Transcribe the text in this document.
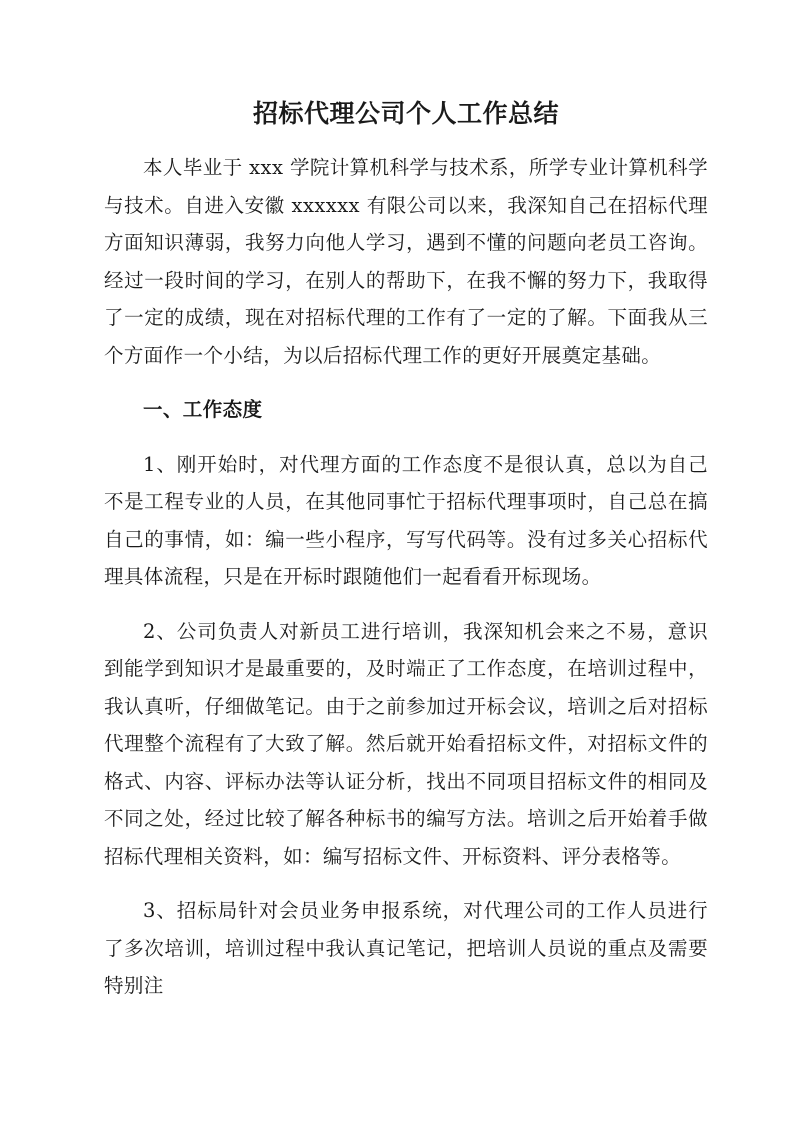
招标代理公司个人工作总结

本人毕业于 xxx 学院计算机科学与技术系，所学专业计算机科学与技术。自进入安徽 xxxxxx 有限公司以来，我深知自己在招标代理方面知识薄弱，我努力向他人学习，遇到不懂的问题向老员工咨询。经过一段时间的学习，在别人的帮助下，在我不懈的努力下，我取得了一定的成绩，现在对招标代理的工作有了一定的了解。下面我从三个方面作一个小结，为以后招标代理工作的更好开展奠定基础。

一、工作态度

1、刚开始时，对代理方面的工作态度不是很认真，总以为自己不是工程专业的人员，在其他同事忙于招标代理事项时，自己总在搞自己的事情，如：编一些小程序，写写代码等。没有过多关心招标代理具体流程，只是在开标时跟随他们一起看看开标现场。

2、公司负责人对新员工进行培训，我深知机会来之不易，意识到能学到知识才是最重要的，及时端正了工作态度，在培训过程中，我认真听，仔细做笔记。由于之前参加过开标会议，培训之后对招标代理整个流程有了大致了解。然后就开始看招标文件，对招标文件的格式、内容、评标办法等认证分析，找出不同项目招标文件的相同及不同之处，经过比较了解各种标书的编写方法。培训之后开始着手做招标代理相关资料，如：编写招标文件、开标资料、评分表格等。

3、招标局针对会员业务申报系统，对代理公司的工作人员进行了多次培训，培训过程中我认真记笔记，把培训人员说的重点及需要特别注
